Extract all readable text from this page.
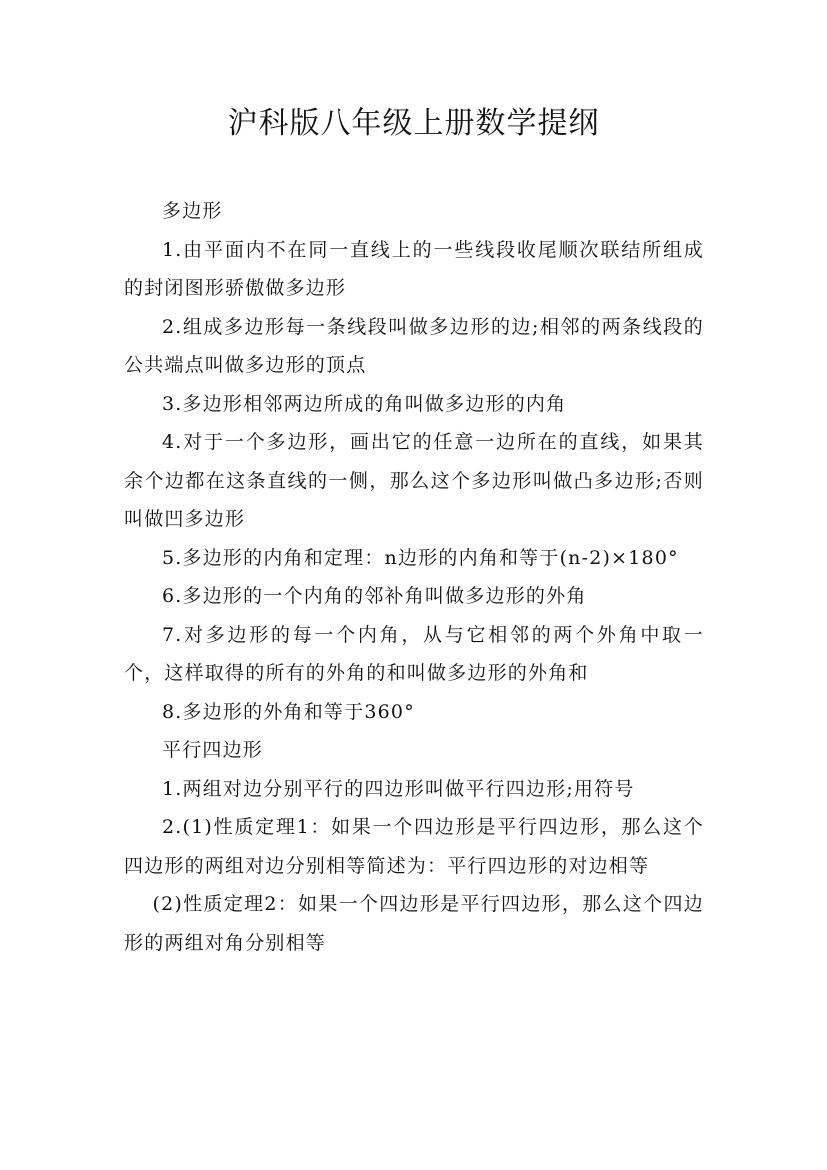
沪科版八年级上册数学提纲

多边形

1.由平面内不在同一直线上的一些线段收尾顺次联结所组成的封闭图形骄傲做多边形

2.组成多边形每一条线段叫做多边形的边;相邻的两条线段的公共端点叫做多边形的顶点

3.多边形相邻两边所成的角叫做多边形的内角

4.对于一个多边形，画出它的任意一边所在的直线，如果其余个边都在这条直线的一侧，那么这个多边形叫做凸多边形;否则叫做凹多边形

5.多边形的内角和定理：n边形的内角和等于(n-2)×180°

6.多边形的一个内角的邻补角叫做多边形的外角

7.对多边形的每一个内角，从与它相邻的两个外角中取一个，这样取得的所有的外角的和叫做多边形的外角和

8.多边形的外角和等于360°

平行四边形

1.两组对边分别平行的四边形叫做平行四边形;用符号

2.(1)性质定理1：如果一个四边形是平行四边形，那么这个四边形的两组对边分别相等简述为：平行四边形的对边相等

(2)性质定理2：如果一个四边形是平行四边形，那么这个四边形的两组对角分别相等
